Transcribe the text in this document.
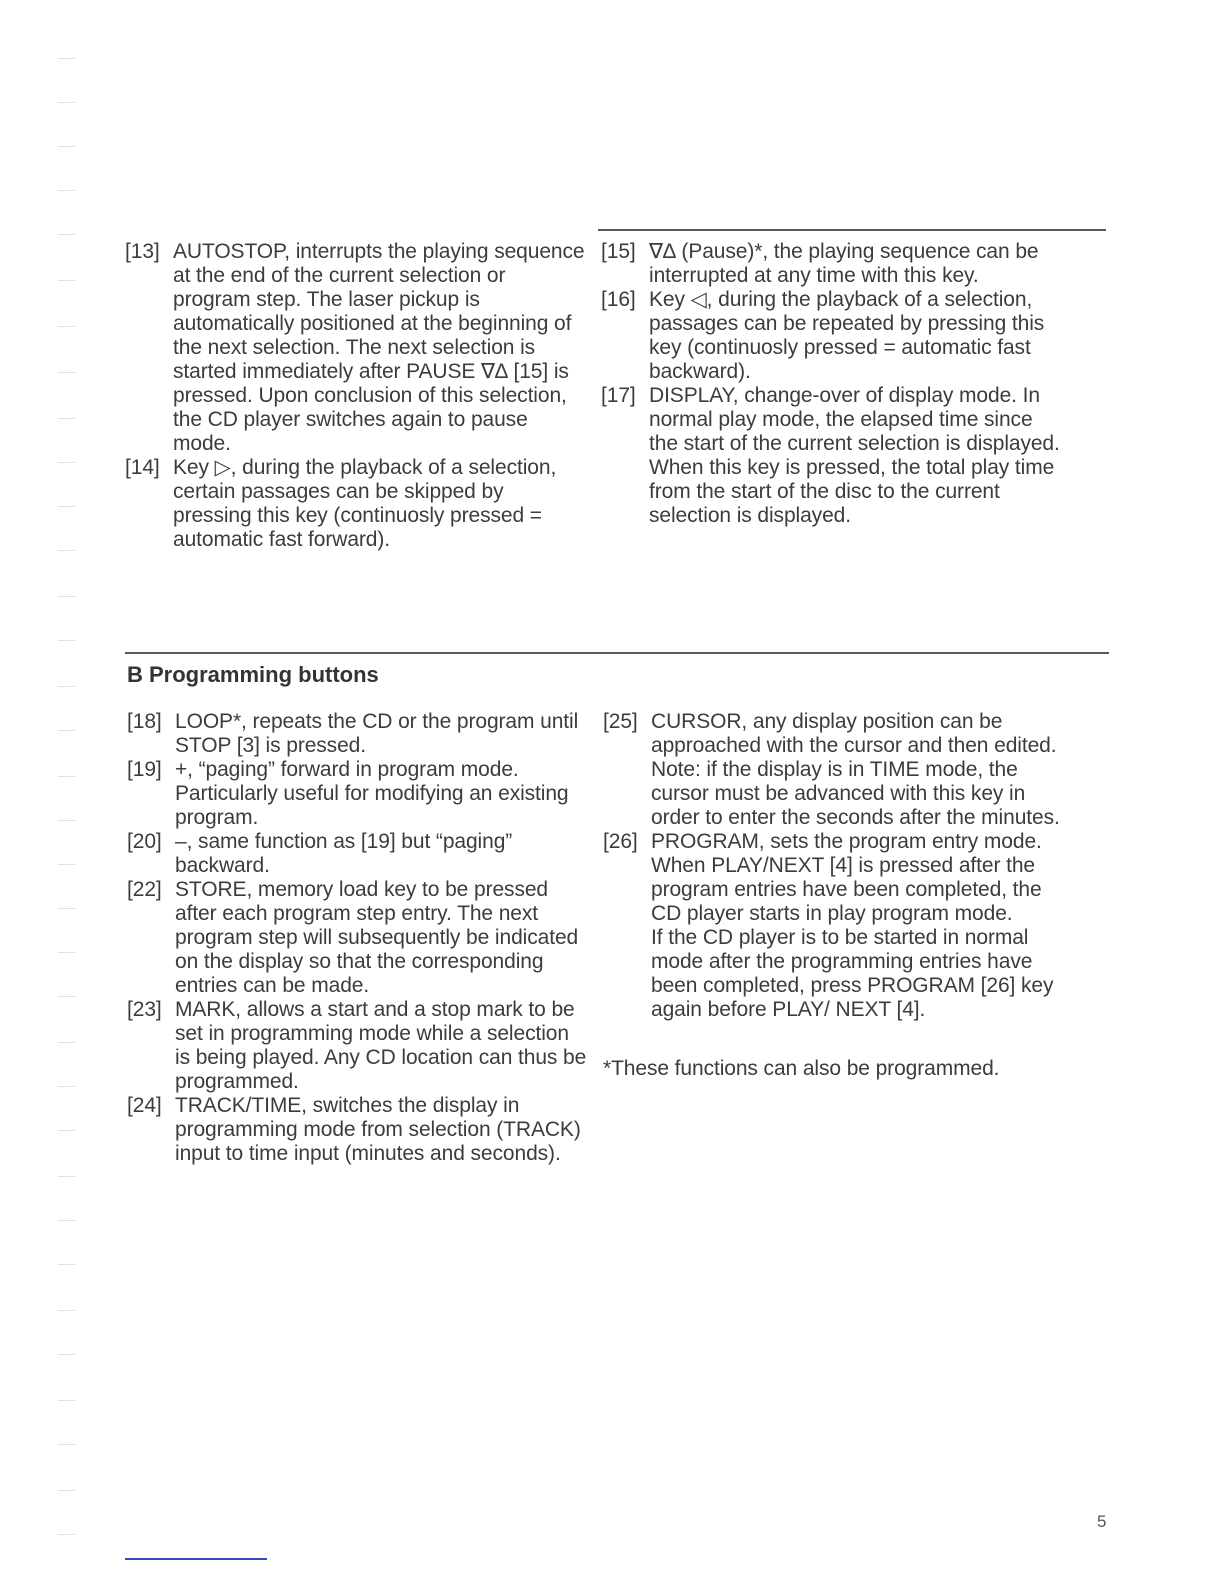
[13] AUTOSTOP, interrupts the playing sequence at the end of the current selection or program step. The laser pickup is automatically positioned at the beginning of the next selection. The next selection is started immediately after PAUSE ∇∆ [15] is pressed. Upon conclusion of this selection, the CD player switches again to pause mode.
[14] Key ▷, during the playback of a selection, certain passages can be skipped by pressing this key (continuosly pressed = automatic fast forward).
[15] ∇∆ (Pause)*, the playing sequence can be interrupted at any time with this key.
[16] Key ◁, during the playback of a selection, passages can be repeated by pressing this key (continuosly pressed = automatic fast backward).
[17] DISPLAY, change-over of display mode. In normal play mode, the elapsed time since the start of the current selection is displayed. When this key is pressed, the total play time from the start of the disc to the current selection is displayed.
B Programming buttons
[18] LOOP*, repeats the CD or the program until STOP [3] is pressed.
[19] +, “paging” forward in program mode. Particularly useful for modifying an existing program.
[20] –, same function as [19] but “paging” backward.
[22] STORE, memory load key to be pressed after each program step entry. The next program step will subsequently be indicated on the display so that the corresponding entries can be made.
[23] MARK, allows a start and a stop mark to be set in programming mode while a selection is being played. Any CD location can thus be programmed.
[24] TRACK/TIME, switches the display in programming mode from selection (TRACK) input to time input (minutes and seconds).
[25] CURSOR, any display position can be approached with the cursor and then edited. Note: if the display is in TIME mode, the cursor must be advanced with this key in order to enter the seconds after the minutes.
[26] PROGRAM, sets the program entry mode. When PLAY/NEXT [4] is pressed after the program entries have been completed, the CD player starts in play program mode.
If the CD player is to be started in normal mode after the programming entries have been completed, press PROGRAM [26] key again before PLAY/ NEXT [4].
*These functions can also be programmed.
5
